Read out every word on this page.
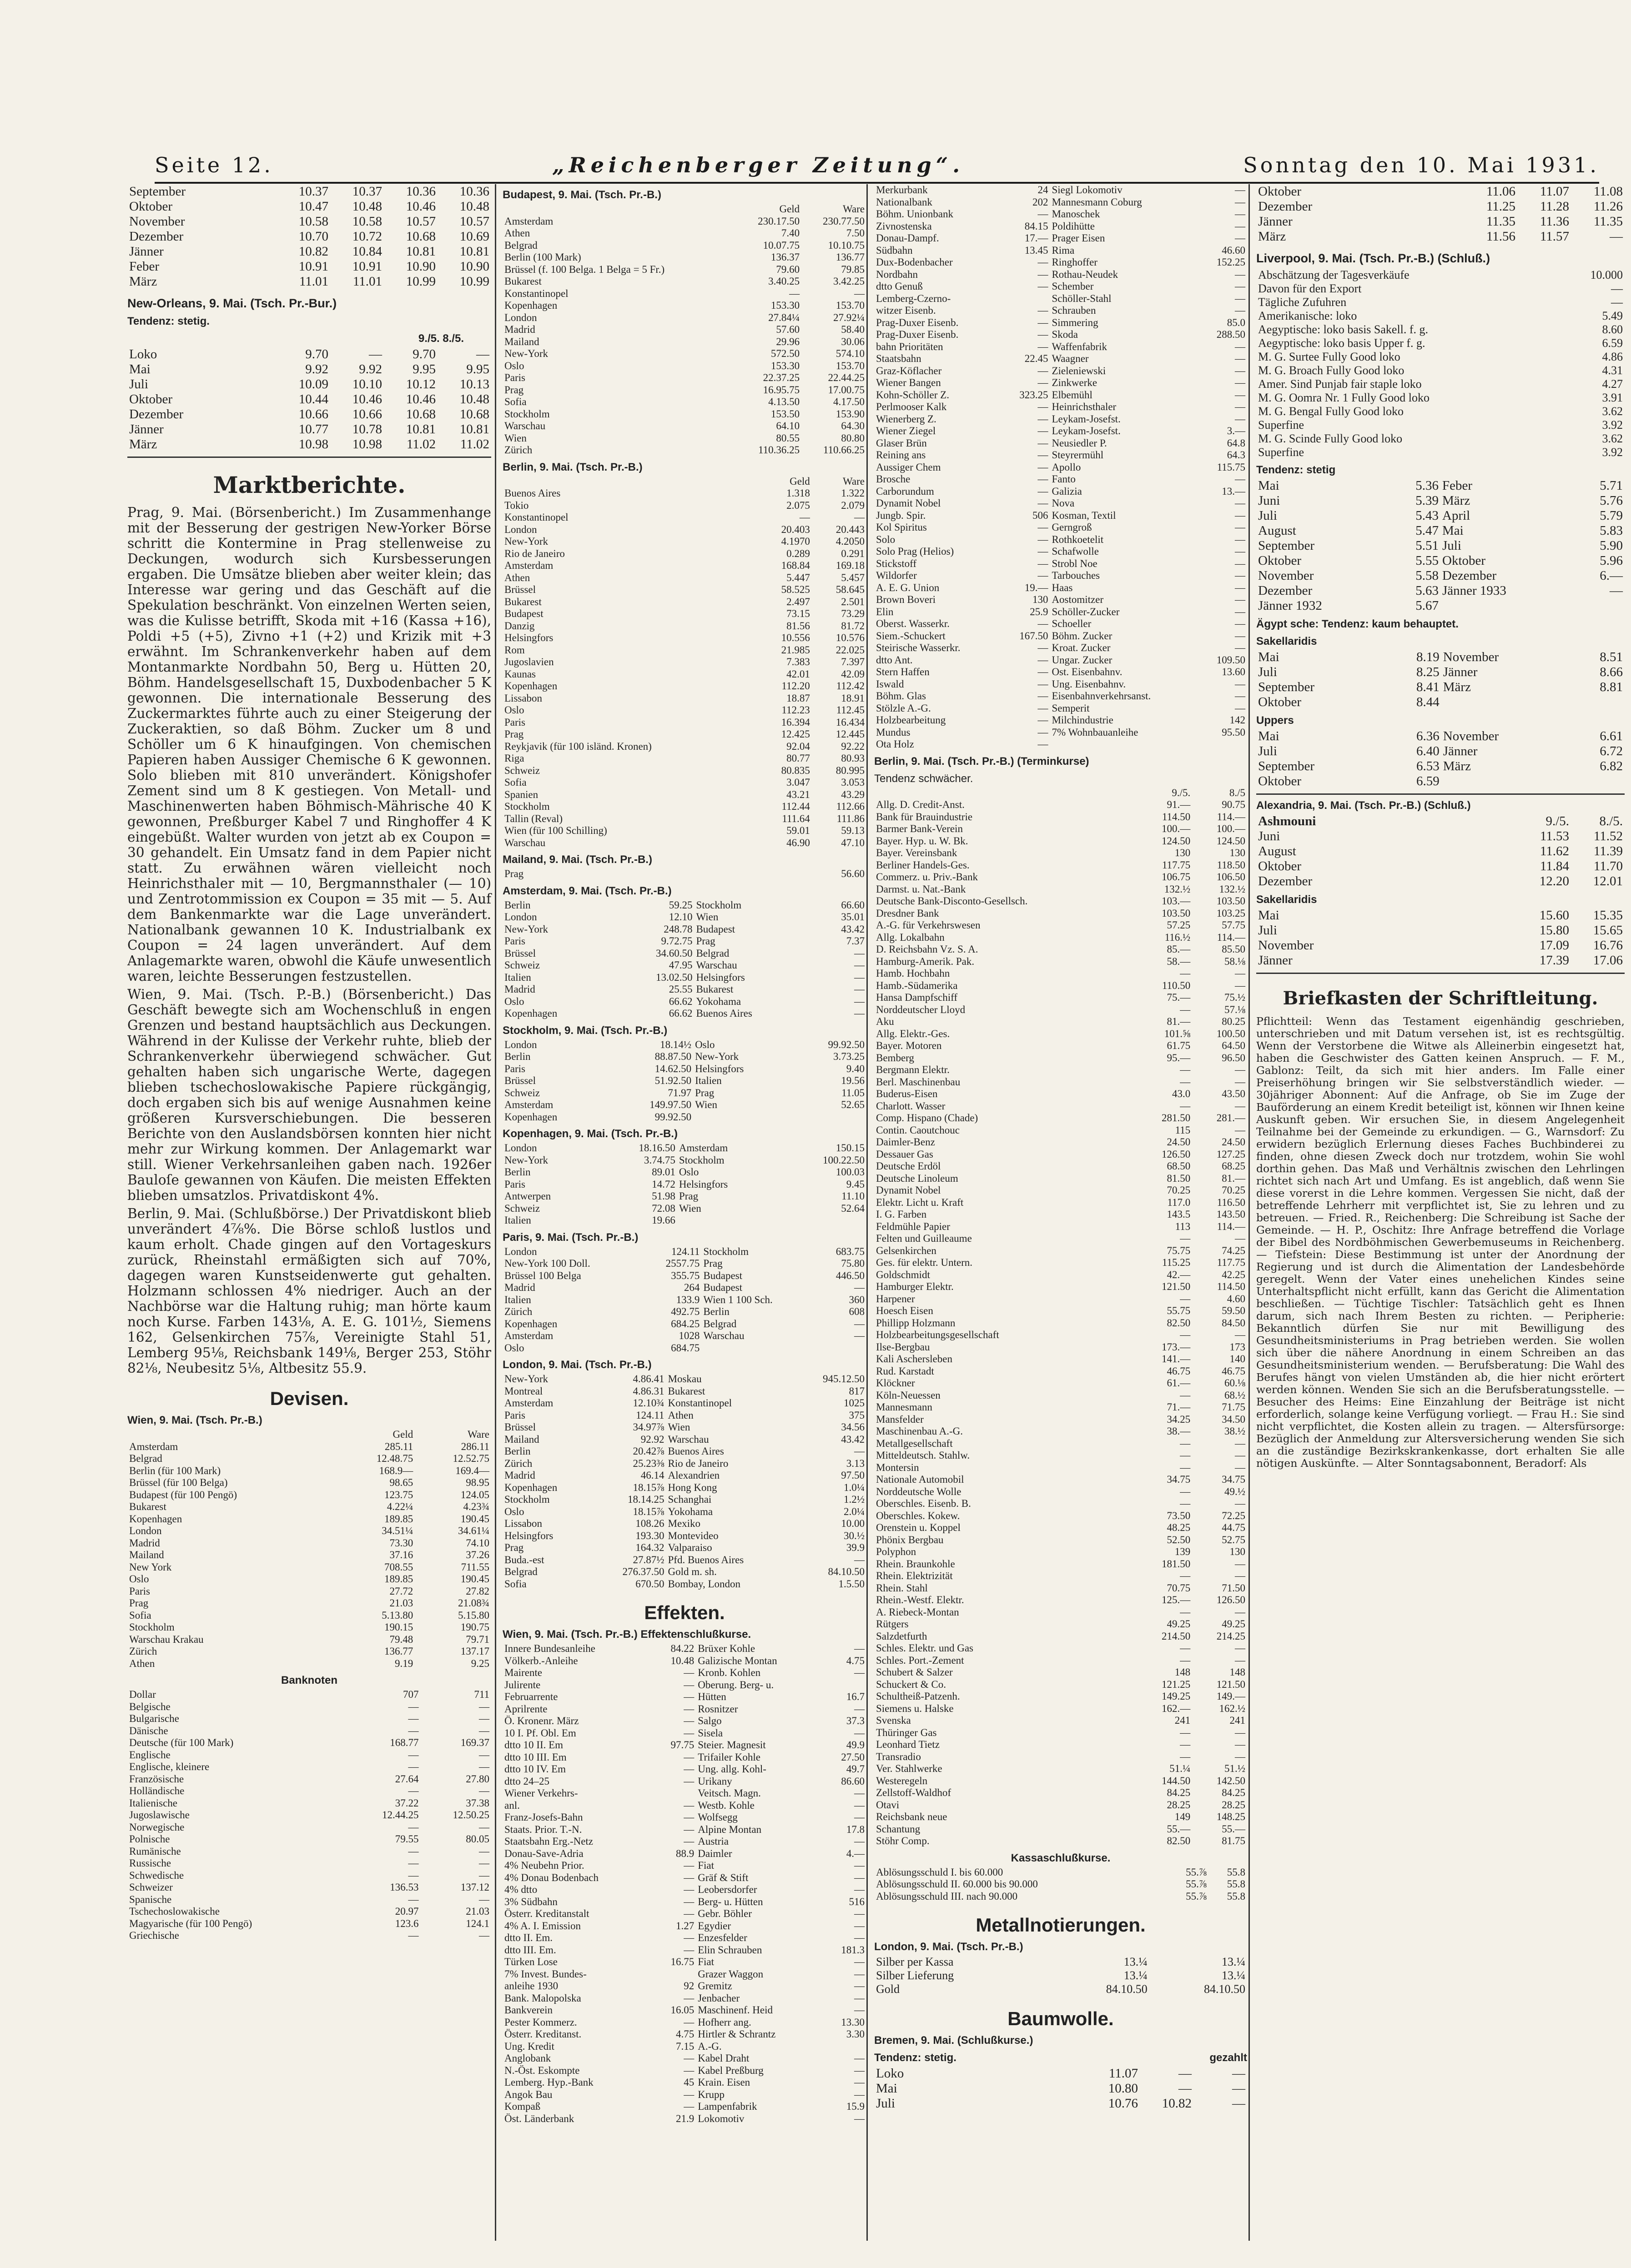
Seite 12.	„Reichenberger Zeitung“.	Sonntag den 10. Mai 1931.
September	10.37	10.37	10.36	10.36
Oktober	10.47	10.48	10.46	10.48
November	10.58	10.58	10.57	10.57
Dezember	10.70	10.72	10.68	10.69
Jänner	10.82	10.84	10.81	10.81
Feber	10.91	10.91	10.90	10.90
März	11.01	11.01	10.99	10.99
New-Orleans, 9. Mai. (Tsch. Pr.-Bur.)
Tendenz: stetig.
9./5. 8./5.
Loko	9.70	—	9.70	—
Mai	9.92	9.92	9.95	9.95
Juli	10.09	10.10	10.12	10.13
Oktober	10.44	10.46	10.46	10.48
Dezember	10.66	10.66	10.68	10.68
Jänner	10.77	10.78	10.81	10.81
März	10.98	10.98	11.02	11.02
Marktberichte.

Prag, 9. Mai. (Börsenbericht.) Im Zusammenhange mit der Besserung der gestrigen New-Yorker Börse schritt die Kontermine in Prag stellenweise zu Deckungen, wodurch sich Kursbesserungen ergaben. Die Umsätze blieben aber weiter klein; das Interesse war gering und das Geschäft auf die Spekulation beschränkt. Von einzelnen Werten seien, was die Kulisse betrifft, Skoda mit +16 (Kassa +16), Poldi +5 (+5), Zivno +1 (+2) und Krizik mit +3 erwähnt. Im Schrankenverkehr haben auf dem Montanmarkte Nordbahn 50, Berg u. Hütten 20, Böhm. Handelsgesellschaft 15, Duxbodenbacher 5 K gewonnen. Die internationale Besserung des Zuckermarktes führte auch zu einer Steigerung der Zuckeraktien, so daß Böhm. Zucker um 8 und Schöller um 6 K hinaufgingen. Von chemischen Papieren haben Aussiger Chemische 6 K gewonnen. Solo blieben mit 810 unverändert. Königshofer Zement sind um 8 K gestiegen. Von Metall- und Maschinenwerten haben Böhmisch-Mährische 40 K gewonnen, Preßburger Kabel 7 und Ringhoffer 4 K eingebüßt. Walter wurden von jetzt ab ex Coupon = 30 gehandelt. Ein Umsatz fand in dem Papier nicht statt. Zu erwähnen wären vielleicht noch Heinrichsthaler mit — 10, Bergmannsthaler (— 10) und Zentrotommission ex Coupon = 35 mit — 5. Auf dem Bankenmarkte war die Lage unverändert. Nationalbank gewannen 10 K. Industrialbank ex Coupon = 24 lagen unverändert. Auf dem Anlagemarkte waren, obwohl die Käufe unwesentlich waren, leichte Besserungen festzustellen.

Wien, 9. Mai. (Tsch. P.-B.) (Börsenbericht.) Das Geschäft bewegte sich am Wochenschluß in engen Grenzen und bestand hauptsächlich aus Deckungen. Während in der Kulisse der Verkehr ruhte, blieb der Schrankenverkehr überwiegend schwächer. Gut gehalten haben sich ungarische Werte, dagegen blieben tschechoslowakische Papiere rückgängig, doch ergaben sich bis auf wenige Ausnahmen keine größeren Kursverschiebungen. Die besseren Berichte von den Auslandsbörsen konnten hier nicht mehr zur Wirkung kommen. Der Anlagemarkt war still. Wiener Verkehrsanleihen gaben nach. 1926er Bauloſe gewannen von Käufen. Die meisten Effekten blieben umsatzlos. Privatdiskont 4%.

Berlin, 9. Mai. (Schlußbörse.) Der Privatdiskont blieb unverändert 4⅞%. Die Börse schloß lustlos und kaum erholt. Chade gingen auf den Vortageskurs zurück, Rheinstahl ermäßigten sich auf 70%, dagegen waren Kunstseidenwerte gut gehalten. Holzmann schlossen 4% niedriger. Auch an der Nachbörse war die Haltung ruhig; man hörte kaum noch Kurse. Farben 143⅛, A. E. G. 101½, Siemens 162, Gelsenkirchen 75⅞, Vereinigte Stahl 51, Lemberg 95⅛, Reichsbank 149⅛, Berger 253, Stöhr 82⅛, Neubesitz 5⅛, Altbesitz 55.9.

Devisen.
Wien, 9. Mai. (Tsch. Pr.-B.)
	Geld	Ware
Amsterdam	285.11	286.11
Belgrad	12.48.75	12.52.75
Berlin (für 100 Mark)	168.9—	169.4—
Brüssel (für 100 Belga)	98.65	98.95
Budapest (für 100 Pengö)	123.75	124.05
Bukarest	4.22¼	4.23¾
Kopenhagen	189.85	190.45
London	34.51¼	34.61¼
Madrid	73.30	74.10
Mailand	37.16	37.26
New York	708.55	711.55
Oslo	189.85	190.45
Paris	27.72	27.82
Prag	21.03	21.08¾
Sofia	5.13.80	5.15.80
Stockholm	190.15	190.75
Warschau Krakau	79.48	79.71
Zürich	136.77	137.17
Athen	9.19	9.25
Banknoten
Dollar	707	711
Belgische	—	—
Bulgarische	—	—
Dänische	—	—
Deutsche (für 100 Mark)	168.77	169.37
Englische	—	—
Englische, kleinere	—	—
Französische	27.64	27.80
Holländische	—	—
Italienische	37.22	37.38
Jugoslawische	12.44.25	12.50.25
Norwegische	—	—
Polnische	79.55	80.05
Rumänische	—	—
Russische	—	—
Schwedische	—	—
Schweizer	136.53	137.12
Spanische	—	—
Tschechoslowakische	20.97	21.03
Magyarische (für 100 Pengö)	123.6	124.1
Griechische	—	—
Budapest, 9. Mai. (Tsch. Pr.-B.)
	Geld	Ware
Amsterdam	230.17.50	230.77.50
Athen	7.40	7.50
Belgrad	10.07.75	10.10.75
Berlin (100 Mark)	136.37	136.77
Brüssel (f. 100 Belga. 1 Belga = 5 Fr.)	79.60	79.85
Bukarest	3.40.25	3.42.25
Konstantinopel	—	—
Kopenhagen	153.30	153.70
London	27.84¼	27.92¼
Madrid	57.60	58.40
Mailand	29.96	30.06
New-York	572.50	574.10
Oslo	153.30	153.70
Paris	22.37.25	22.44.25
Prag	16.95.75	17.00.75
Sofia	4.13.50	4.17.50
Stockholm	153.50	153.90
Warschau	64.10	64.30
Wien	80.55	80.80
Zürich	110.36.25	110.66.25
Berlin, 9. Mai. (Tsch. Pr.-B.)
	Geld	Ware
Buenos Aires	1.318	1.322
Tokio	2.075	2.079
Konstantinopel	—	—
London	20.403	20.443
New-York	4.1970	4.2050
Rio de Janeiro	0.289	0.291
Amsterdam	168.84	169.18
Athen	5.447	5.457
Brüssel	58.525	58.645
Bukarest	2.497	2.501
Budapest	73.15	73.29
Danzig	81.56	81.72
Helsingfors	10.556	10.576
Rom	21.985	22.025
Jugoslavien	7.383	7.397
Kaunas	42.01	42.09
Kopenhagen	112.20	112.42
Lissabon	18.87	18.91
Oslo	112.23	112.45
Paris	16.394	16.434
Prag	12.425	12.445
Reykjavik (für 100 isländ. Kronen)	92.04	92.22
Riga	80.77	80.93
Schweiz	80.835	80.995
Sofia	3.047	3.053
Spanien	43.21	43.29
Stockholm	112.44	112.66
Tallin (Reval)	111.64	111.86
Wien (für 100 Schilling)	59.01	59.13
Warschau	46.90	47.10
Mailand, 9. Mai. (Tsch. Pr.-B.)
Prag	56.60
Amsterdam, 9. Mai. (Tsch. Pr.-B.)
Berlin	59.25	Stockholm	66.60
London	12.10	Wien	35.01
New-York	248.78	Budapest	43.42
Paris	9.72.75	Prag	7.37
Brüssel	34.60.50	Belgrad	—
Schweiz	47.95	Warschau	—
Italien	13.02.50	Helsingfors	—
Madrid	25.55	Bukarest	—
Oslo	66.62	Yokohama	—
Kopenhagen	66.62	Buenos Aires	—
Stockholm, 9. Mai. (Tsch. Pr.-B.)
London	18.14½	Oslo	99.92.50
Berlin	88.87.50	New-York	3.73.25
Paris	14.62.50	Helsingfors	9.40
Brüssel	51.92.50	Italien	19.56
Schweiz	71.97	Prag	11.05
Amsterdam	149.97.50	Wien	52.65
Kopenhagen	99.92.50		
Kopenhagen, 9. Mai. (Tsch. Pr.-B.)
London	18.16.50	Amsterdam	150.15
New-York	3.74.75	Stockholm	100.22.50
Berlin	89.01	Oslo	100.03
Paris	14.72	Helsingfors	9.45
Antwerpen	51.98	Prag	11.10
Schweiz	72.08	Wien	52.64
Italien	19.66		
Paris, 9. Mai. (Tsch. Pr.-B.)
London	124.11	Stockholm	683.75
New-York 100 Doll.	2557.75	Prag	75.80
Brüssel 100 Belga	355.75	Budapest	446.50
Madrid	264	Budapest	—
Italien	133.9	Wien 1 100 Sch.	360
Zürich	492.75	Berlin	608
Kopenhagen	684.25	Belgrad	—
Amsterdam	1028	Warschau	—
Oslo	684.75		
London, 9. Mai. (Tsch. Pr.-B.)
New-York	4.86.41	Moskau	945.12.50
Montreal	4.86.31	Bukarest	817
Amsterdam	12.10¾	Konstantinopel	1025
Paris	124.11	Athen	375
Brüssel	34.97⅞	Wien	34.56
Mailand	92.92	Warschau	43.42
Berlin	20.42⅞	Buenos Aires	—
Zürich	25.23⅜	Rio de Janeiro	3.13
Madrid	46.14	Alexandrien	97.50
Kopenhagen	18.15⅞	Hong Kong	1.0¼
Stockholm	18.14.25	Schanghai	1.2½
Oslo	18.15⅞	Yokohama	2.0¼
Lissabon	108.26	Mexiko	10.00
Helsingfors	193.30	Montevideo	30.½
Prag	164.32	Valparaiso	39.9
Buda.-est	27.87½	Pfd. Buenos Aires	—
Belgrad	276.37.50	Gold m. sh.	84.10.50
Sofia	670.50	Bombay, London	1.5.50
Effekten.
Wien, 9. Mai. (Tsch. Pr.-B.) Effektenschlußkurse.
Innere Bundesanleihe	84.22	Brüxer Kohle	—
Völkerb.-Anleihe	10.48	Galizische Montan	4.75
Mairente	—	Kronb. Kohlen	—
Julirente	—	Oberung. Berg- u.	
Februarrente	—	Hütten	16.7
Aprilrente	—	Rosnitzer	—
Ö. Kronenr. März	—	Salgo	37.3
10 I. Pf. Obl. Em	—	Sisela	—
dtto 10 II. Em	97.75	Steier. Magnesit	49.9
dtto 10 III. Em	—	Trifailer Kohle	27.50
dtto 10 IV. Em	—	Ung. allg. Kohl-	49.7
dtto 24–25	—	Urikany	86.60
Wiener Verkehrs-		Veitsch. Magn.	—
anl.	—	Westb. Kohle	—
Franz-Josefs-Bahn	—	Wolfsegg	—
Staats. Prior. T.-N.	—	Alpine Montan	17.8
Staatsbahn Erg.-Netz	—	Austria	—
Donau-Save-Adria	88.9	Daimler	4.—
4% Neubehn Prior.	—	Fiat	—
4% Donau Bodenbach	—	Gräf & Stift	—
4% dtto	—	Leobersdorfer	—
3% Südbahn	—	Berg- u. Hütten	516
Österr. Kreditanstalt	—	Gebr. Böhler	—
4% A. I. Emission	1.27	Egydier	—
dtto II. Em.	—	Enzesfelder	—
dtto III. Em.	—	Elin Schrauben	181.3
Türken Lose	16.75	Fiat	—
7% Invest. Bundes-		Grazer Waggon	—
anleihe 1930	92	Gremitz	—
Bank. Malopolska	—	Jenbacher	—
Bankverein	16.05	Maschinenf. Heid	—
Pester Kommerz.	—	Hofherr ang.	13.30
Österr. Kreditanst.	4.75	Hirtler & Schrantz	3.30
Ung. Kredit	7.15	A.-G.	
Anglobank	—	Kabel Draht	—
N.-Öst. Eskompte	—	Kabel Preßburg	—
Lemberg. Hyp.-Bank	45	Krain. Eisen	—
Angok Bau	—	Krupp	—
Kompaß	—	Lampenfabrik	15.9
Öst. Länderbank	21.9	Lokomotiv	—
Merkurbank	24	Siegl Lokomotiv	—
Nationalbank	202	Mannesmann Coburg	—
Böhm. Unionbank	—	Manoschek	—
Zivnostenska	84.15	Poldihütte	—
Donau-Dampf.	17.—	Prager Eisen	—
Südbahn	13.45	Rima	46.60
Dux-Bodenbacher	—	Ringhoffer	152.25
Nordbahn	—	Rothau-Neudek	—
dtto Genuß	—	Schember	—
Lemberg-Czerno-		Schöller-Stahl	—
witzer Eisenb.	—	Schrauben	—
Prag-Duxer Eisenb.	—	Simmering	85.0
Prag-Duxer Eisenb.	—	Skoda	288.50
bahn Prioritäten	—	Waffenfabrik	—
Staatsbahn	22.45	Waagner	—
Graz-Köflacher	—	Zieleniewski	—
Wiener Bangen	—	Zinkwerke	—
Kohn-Schöller Z.	323.25	Elbemühl	—
Perlmooser Kalk	—	Heinrichsthaler	—
Wienerberg Z.	—	Leykam-Josefst.	—
Wiener Ziegel	—	Leykam-Josefst.	3.—
Glaser Brün	—	Neusiedler P.	64.8
Reining ans	—	Steyrermühl	64.3
Aussiger Chem	—	Apollo	115.75
Brosche	—	Fanto	—
Carborundum	—	Galizia	13.—
Dynamit Nobel	—	Nova	—
Jungb. Spir.	506	Kosman, Textil	—
Kol Spiritus	—	Gerngroß	—
Solo	—	Rothkoetelit	—
Solo Prag (Helios)	—	Schafwolle	—
Stickstoff	—	Strobl Noe	—
Wildorfer	—	Tarbouches	—
A. E. G. Union	19.—	Haas	—
Brown Boveri	130	Aostomitzer	—
Elin	25.9	Schöller-Zucker	—
Oberst. Wasserkr.	—	Schoeller	—
Siem.-Schuckert	167.50	Böhm. Zucker	—
Steirische Wasserkr.	—	Kroat. Zucker	—
dtto Ant.	—	Ungar. Zucker	109.50
Stern Haffen	—	Ost. Eisenbahnv.	13.60
Iswald	—	Ung. Eisenbahnv.	—
Böhm. Glas	—	Eisenbahnverkehrsanst.	—
Stölzle A.-G.	—	Semperit	—
Holzbearbeitung	—	Milchindustrie	142
Mundus	—	7% Wohnbauanleihe	95.50
Ota Holz	—		
Berlin, 9. Mai. (Tsch. Pr.-B.) (Terminkurse)
Tendenz schwächer.
	9./5.	8./5
Allg. D. Credit-Anst.	91.—	90.75
Bank für Brauindustrie	114.50	114.—
Barmer Bank-Verein	100.—	100.—
Bayer. Hyp. u. W. Bk.	124.50	124.50
Bayer. Vereinsbank	130	130
Berliner Handels-Ges.	117.75	118.50
Commerz. u. Priv.-Bank	106.75	106.50
Darmst. u. Nat.-Bank	132.½	132.½
Deutsche Bank-Disconto-Gesellsch.	103.—	103.50
Dresdner Bank	103.50	103.25
A.-G. für Verkehrswesen	57.25	57.75
Allg. Lokalbahn	116.½	114.—
D. Reichsbahn Vz. S. A.	85.—	85.50
Hamburg-Amerik. Pak.	58.—	58.⅛
Hamb. Hochbahn	—	—
Hamb.-Südamerika	110.50	—
Hansa Dampfschiff	75.—	75.½
Norddeutscher Lloyd	—	57.⅛
Aku	81.—	80.25
Allg. Elektr.-Ges.	101.⅝	100.50
Bayer. Motoren	61.75	64.50
Bemberg	95.—	96.50
Bergmann Elektr.	—	—
Berl. Maschinenbau	—	—
Buderus-Eisen	43.0	43.50
Charlott. Wasser	—	—
Comp. Hispano (Chade)	281.50	281.—
Contin. Caoutchouc	115	—
Daimler-Benz	24.50	24.50
Dessauer Gas	126.50	127.25
Deutsche Erdöl	68.50	68.25
Deutsche Linoleum	81.50	81.—
Dynamit Nobel	70.25	70.25
Elektr. Licht u. Kraft	117.0	116.50
I. G. Farben	143.5	143.50
Feldmühle Papier	113	114.—
Felten und Guilleaume	—	—
Gelsenkirchen	75.75	74.25
Ges. für elektr. Untern.	115.25	117.75
Goldschmidt	42.—	42.25
Hamburger Elektr.	121.50	114.50
Harpener	—	4.60
Hoesch Eisen	55.75	59.50
Phillipp Holzmann	82.50	84.50
Holzbearbeitungsgesellschaft	—	—
Ilse-Bergbau	173.—	173
Kali Aschersleben	141.—	140
Rud. Karstadt	46.75	46.75
Klöckner	61.—	60.⅛
Köln-Neuessen	—	68.½
Mannesmann	71.—	71.75
Mansfelder	34.25	34.50
Maschinenbau A.-G.	38.—	38.½
Metallgesellschaft	—	—
Mitteldeutsch. Stahlw.	—	—
Montersin	—	—
Nationale Automobil	34.75	34.75
Norddeutsche Wolle	—	49.½
Oberschles. Eisenb. B.	—	—
Oberschles. Kokew.	73.50	72.25
Orenstein u. Koppel	48.25	44.75
Phönix Bergbau	52.50	52.75
Polyphon	139	130
Rhein. Braunkohle	181.50	—
Rhein. Elektrizität	—	—
Rhein. Stahl	70.75	71.50
Rhein.-Westf. Elektr.	125.—	126.50
A. Riebeck-Montan	—	—
Rütgers	49.25	49.25
Salzdetfurth	214.50	214.25
Schles. Elektr. und Gas	—	—
Schles. Port.-Zement	—	—
Schubert & Salzer	148	148
Schuckert & Co.	121.25	121.50
Schultheiß-Patzenh.	149.25	149.—
Siemens u. Halske	162.—	162.½
Svenska	241	241
Thüringer Gas	—	—
Leonhard Tietz	—	—
Transradio	—	—
Ver. Stahlwerke	51.¼	51.½
Westeregeln	144.50	142.50
Zellstoff-Waldhof	84.25	84.25
Otavi	28.25	28.25
Reichsbank neue	149	148.25
Schantung	55.—	55.—
Stöhr Comp.	82.50	81.75
Kassaschlußkurse.
Ablösungsschuld I. bis 60.000	55.⅞	55.8
Ablösungsschuld II. 60.000 bis 90.000	55.⅞	55.8
Ablösungsschuld III. nach 90.000	55.⅞	55.8
Metallnotierungen.
London, 9. Mai. (Tsch. Pr.-B.)
Silber per Kassa	13.¼	13.¼
Silber Lieferung	13.¼	13.¼
Gold	84.10.50	84.10.50
Baumwolle.
Bremen, 9. Mai. (Schlußkurse.)
Tendenz: stetig.	gezahlt
Loko	11.07	—	—
Mai	10.80	—	—
Juli	10.76	10.82	—
Oktober	11.06	11.07	11.08
Dezember	11.25	11.28	11.26
Jänner	11.35	11.36	11.35
März	11.56	11.57	—
Liverpool, 9. Mai. (Tsch. Pr.-B.) (Schluß.)
Abschätzung der Tagesverkäufe	10.000
Davon für den Export	—
Tägliche Zufuhren	—
Amerikanische: loko	5.49
Aegyptische: loko basis Sakell. f. g.	8.60
Aegyptische: loko basis Upper f. g.	6.59
M. G. Surtee Fully Good loko	4.86
M. G. Broach Fully Good loko	4.31
Amer. Sind Punjab fair staple loko	4.27
M. G. Oomra Nr. 1 Fully Good loko	3.91
M. G. Bengal Fully Good loko	3.62
Superfine	3.92
M. G. Scinde Fully Good loko	3.62
Superfine	3.92
Tendenz: stetig
Mai	5.36	Feber	5.71
Juni	5.39	März	5.76
Juli	5.43	April	5.79
August	5.47	Mai	5.83
September	5.51	Juli	5.90
Oktober	5.55	Oktober	5.96
November	5.58	Dezember	6.—
Dezember	5.63	Jänner 1933	—
Jänner 1932	5.67		
Ägypt sche: Tendenz: kaum behauptet.
Sakellaridis
Mai	8.19	November	8.51
Juli	8.25	Jänner	8.66
September	8.41	März	8.81
Oktober	8.44		
Uppers
Mai	6.36	November	6.61
Juli	6.40	Jänner	6.72
September	6.53	März	6.82
Oktober	6.59		
Alexandria, 9. Mai. (Tsch. Pr.-B.) (Schluß.)
Ashmouni	9./5.	8./5.
Juni	11.53	11.52
August	11.62	11.39
Oktober	11.84	11.70
Dezember	12.20	12.01
Sakellaridis
Mai	15.60	15.35
Juli	15.80	15.65
November	17.09	16.76
Jänner	17.39	17.06
Briefkasten der Schriftleitung.

Pflichtteil: Wenn das Testament eigenhändig geschrieben, unterschrieben und mit Datum versehen ist, ist es rechtsgültig. Wenn der Verstorbene die Witwe als Alleinerbin eingesetzt hat, haben die Geschwister des Gatten keinen Anspruch. — F. M., Gablonz: Teilt, da sich mit hier anders. Im Falle einer Preiserhöhung bringen wir Sie selbstverständlich wieder. — 30jähriger Abonnent: Auf die Anfrage, ob Sie im Zuge der Bauförderung an einem Kredit beteiligt ist, können wir Ihnen keine Auskunft geben. Wir ersuchen Sie, in diesem Angelegenheit Teilnahme bei der Gemeinde zu erkundigen. — G., Warnsdorf: Zu erwidern bezüglich Erlernung dieses Faches Buchbinderei zu finden, ohne diesen Zweck doch nur trotzdem, wohin Sie wohl dorthin gehen. Das Maß und Verhältnis zwischen den Lehrlingen richtet sich nach Art und Umfang. Es ist angeblich, daß wenn Sie diese vorerst in die Lehre kommen. Vergessen Sie nicht, daß der betreffende Lehrherr mit verpflichtet ist, Sie zu lehren und zu betreuen. — Fried. R., Reichenberg: Die Schreibung ist Sache der Gemeinde. — H. P., Oschitz: Ihre Anfrage betreffend die Vorlage der Bibel des Nordböhmischen Gewerbemuseums in Reichenberg. — Tiefstein: Diese Bestimmung ist unter der Anordnung der Regierung und ist durch die Alimentation der Landesbehörde geregelt. Wenn der Vater eines unehelichen Kindes seine Unterhaltspflicht nicht erfüllt, kann das Gericht die Alimentation beschließen. — Tüchtige Tischler: Tatsächlich geht es Ihnen darum, sich nach Ihrem Besten zu richten. — Peripherie: Bekanntlich dürfen Sie nur mit Bewilligung des Gesundheitsministeriums in Prag betrieben werden. Sie wollen sich über die nähere Anordnung in einem Schreiben an das Gesundheitsministerium wenden. — Berufsberatung: Die Wahl des Berufes hängt von vielen Umständen ab, die hier nicht erörtert werden können. Wenden Sie sich an die Berufsberatungsstelle. — Besucher des Heims: Eine Einzahlung der Beiträge ist nicht erforderlich, solange keine Verfügung vorliegt. — Frau H.: Sie sind nicht verpflichtet, die Kosten allein zu tragen. — Altersfürsorge: Bezüglich der Anmeldung zur Altersversicherung wenden Sie sich an die zuständige Bezirkskrankenkasse, dort erhalten Sie alle nötigen Auskünfte. — Alter Sonntagsabonnent, Beradorf: Als
